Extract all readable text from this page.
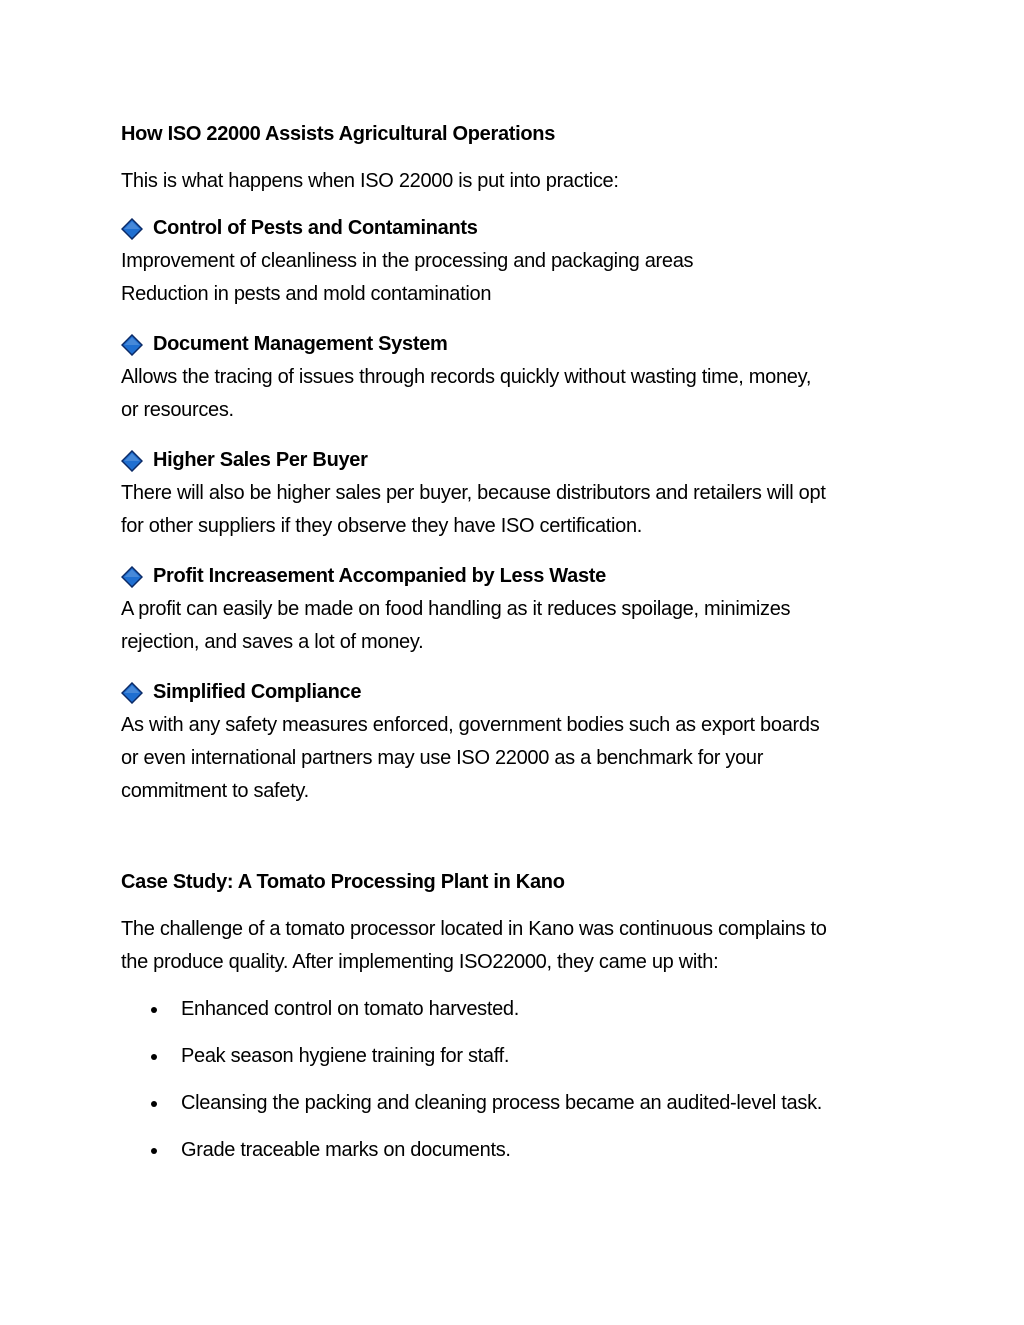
How ISO 22000 Assists Agricultural Operations
This is what happens when ISO 22000 is put into practice:
Control of Pests and Contaminants
Improvement of cleanliness in the processing and packaging areas
Reduction in pests and mold contamination
Document Management System
Allows the tracing of issues through records quickly without wasting time, money,
or resources.
Higher Sales Per Buyer
There will also be higher sales per buyer, because distributors and retailers will opt
for other suppliers if they observe they have ISO certification.
Profit Increasement Accompanied by Less Waste
A profit can easily be made on food handling as it reduces spoilage, minimizes
rejection, and saves a lot of money.
Simplified Compliance
As with any safety measures enforced, government bodies such as export boards
or even international partners may use ISO 22000 as a benchmark for your
commitment to safety.
Case Study: A Tomato Processing Plant in Kano
The challenge of a tomato processor located in Kano was continuous complains to
the produce quality. After implementing ISO22000, they came up with:
Enhanced control on tomato harvested.
Peak season hygiene training for staff.
Cleansing the packing and cleaning process became an audited-level task.
Grade traceable marks on documents.
